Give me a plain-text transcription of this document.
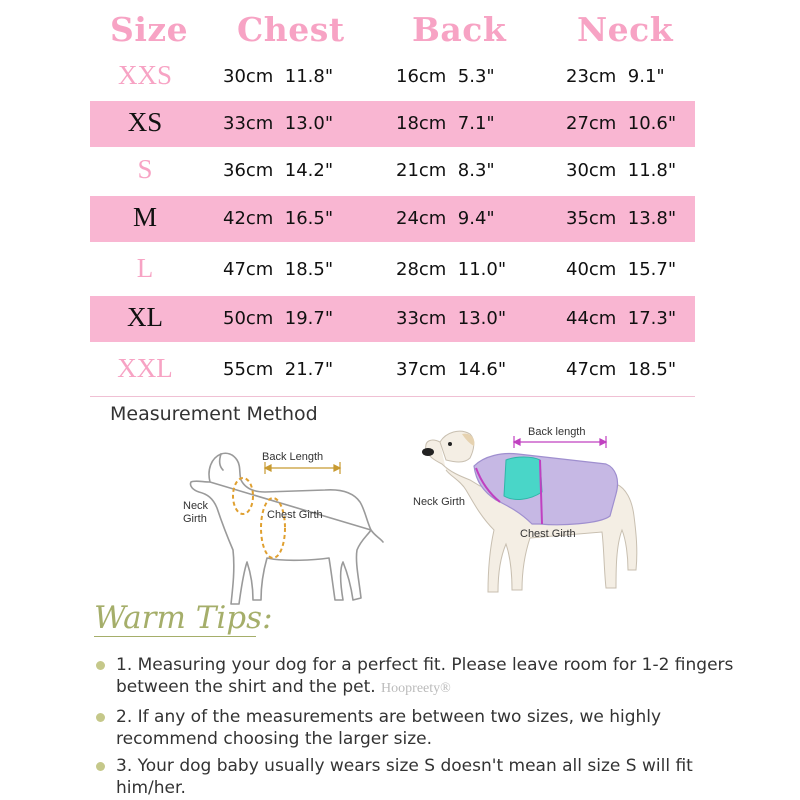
Size Chest Back Neck
XXS	30cm  11.8"	16cm  5.3"	23cm  9.1"
XS	33cm  13.0"	18cm  7.1"	27cm  10.6"
S	36cm  14.2"	21cm  8.3"	30cm  11.8"
M	42cm  16.5"	24cm  9.4"	35cm  13.8"
L	47cm  18.5"	28cm  11.0"	40cm  15.7"
XL	50cm  19.7"	33cm  13.0"	44cm  17.3"
XXL	55cm  21.7"	37cm  14.6"	47cm  18.5"
Measurement Method
Back Length
Neck
Girth	Chest Girth
Back length
Neck Girth
Chest Girth
Warm Tips:
1. Measuring your dog for a perfect fit. Please leave room for 1-2 fingers between the shirt and the pet. Hoopreety®
2. If any of the measurements are between two sizes, we highly recommend choosing the larger size.
3. Your dog baby usually wears size S doesn't mean all size S will fit him/her.
